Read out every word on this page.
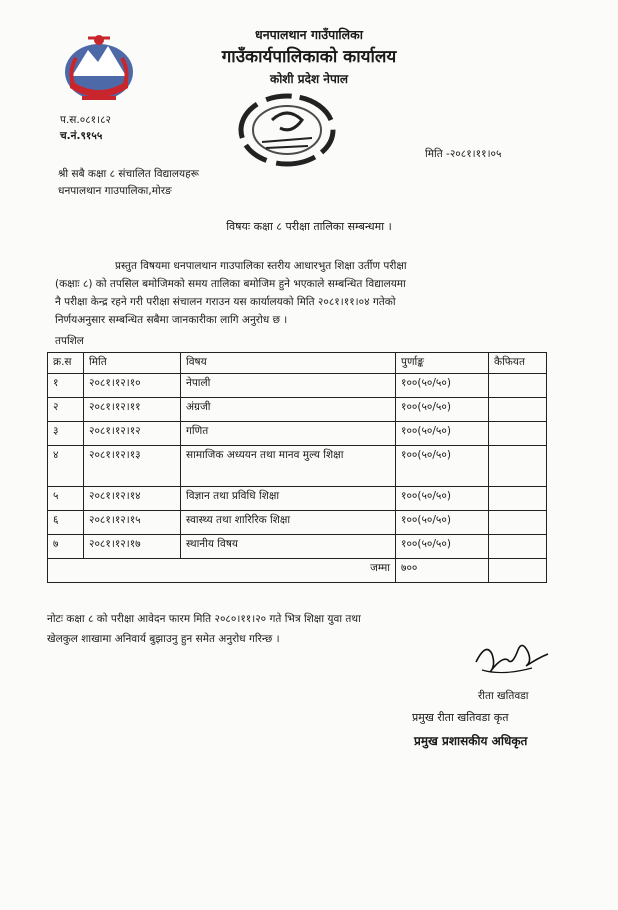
धनपालथान गाउँपालिका
गाउँकार्यपालिकाको कार्यालय
कोशी प्रदेश नेपाल
प.स.०८१।८२
च.नं.९१५५
मिति -२०८१।११।०५
श्री सबै कक्षा ८ संचालित विद्यालयहरू
धनपालथान गाउपालिका,मोरङ
विषयः कक्षा ८ परीक्षा तालिका सम्बन्धमा ।
प्रस्तुत विषयमा धनपालथान गाउपालिका स्तरीय आधारभुत शिक्षा उर्तीण परीक्षा
(कक्षाः ८) को तपसिल बमोजिमको समय तालिका बमोजिम हुने भएकाले सम्बन्धित विद्यालयमा
नै परीक्षा केन्द्र रहने गरी परीक्षा संचालन गराउन यस कार्यालयको मिति २०८१।११।०४ गतेको
निर्णयअनुसार सम्बन्धित सबैमा जानकारीका लागि अनुरोध छ ।
तपशिल
क्र.स	मिति	विषय	पुर्णाङ्क	कैफियत
१	२०८१।१२।१०	नेपाली	१००(५०/५०)	
२	२०८१।१२।११	अंग्रजी	१००(५०/५०)	
३	२०८१।१२।१२	गणित	१००(५०/५०)	
४	२०८१।१२।१३	सामाजिक अध्ययन तथा मानव मुल्य शिक्षा	१००(५०/५०)	
५	२०८१।१२।१४	विज्ञान तथा प्रविधि शिक्षा	१००(५०/५०)	
६	२०८१।१२।१५	स्वास्थ्य तथा शारिरिक शिक्षा	१००(५०/५०)	
७	२०८१।१२।१७	स्थानीय विषय	१००(५०/५०)	
जम्मा			७००	
नोटः कक्षा ८ को परीक्षा आवेदन फारम मिति २०८०।११।२० गते भित्र शिक्षा युवा तथा
खेलकुल शाखामा अनिवार्य बुझाउनु हुन समेत अनुरोध गरिन्छ ।
रीता खतिवडा
प्रमुख रीता खतिवडा कृत
प्रमुख प्रशासकीय अधिकृत
